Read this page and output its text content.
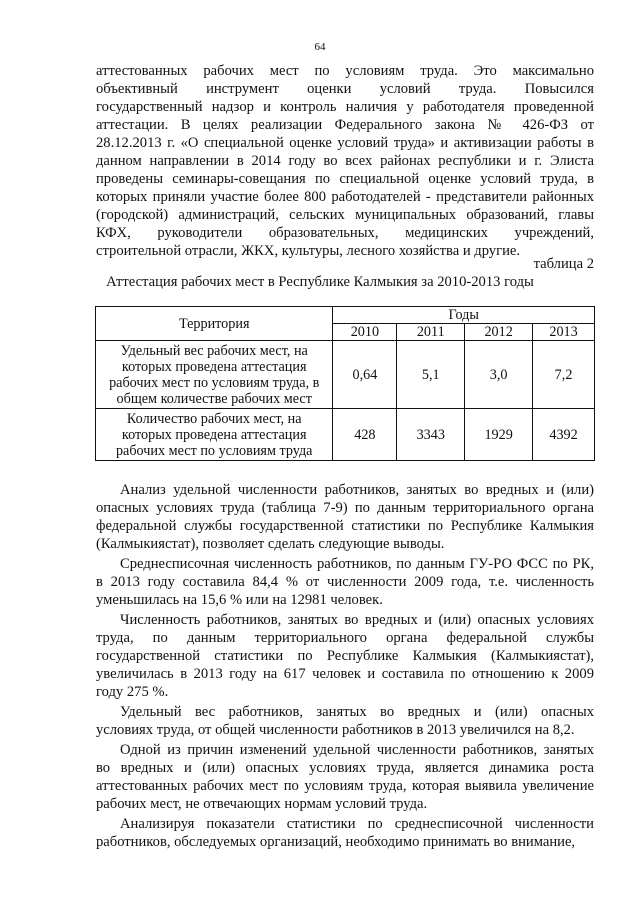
64

аттестованных рабочих мест по условиям труда. Это максимально
объективный инструмент оценки условий труда. Повысился
государственный надзор и контроль наличия у работодателя проведенной
аттестации. В целях реализации Федерального закона № 426-ФЗ от
28.12.2013 г. «О специальной оценке условий труда» и активизации работы в
данном направлении в 2014 году во всех районах республики и г. Элиста
проведены семинары-совещания по специальной оценке условий труда, в
которых приняли участие более 800 работодателей - представители районных
(городской) администраций, сельских муниципальных образований, главы
КФХ, руководители образовательных, медицинских учреждений,
строительной отрасли, ЖКХ, культуры, лесного хозяйства и другие.

таблица 2
Аттестация рабочих мест в Республике Калмыкия за 2010-2013 годы
Территория	Годы			
	2010	2011	2012	2013

Удельный вес рабочих мест, на
которых проведена аттестация
рабочих мест по условиям труда, в
общем количестве рабочих мест	0,64	5,1	3,0	7,2

Количество рабочих мест, на
которых проведена аттестация
рабочих мест по условиям труда	428	3343	1929	4392

Анализ удельной численности работников, занятых во вредных и (или)
опасных условиях труда (таблица 7-9) по данным территориального органа
федеральной службы государственной статистики по Республике Калмыкия
(Калмыкиястат), позволяет сделать следующие выводы.

Среднесписочная численность работников, по данным ГУ-РО ФСС по РК,
в 2013 году составила 84,4 % от численности 2009 года, т.е. численность
уменьшилась на 15,6 % или на 12981 человек.

Численность работников, занятых во вредных и (или) опасных условиях
труда, по данным территориального органа федеральной службы
государственной статистики по Республике Калмыкия (Калмыкиястат),
увеличилась в 2013 году на 617 человек и составила по отношению к 2009
году 275 %.

Удельный вес работников, занятых во вредных и (или) опасных
условиях труда, от общей численности работников в 2013 увеличился на 8,2.

Одной из причин изменений удельной численности работников, занятых
во вредных и (или) опасных условиях труда, является динамика роста
аттестованных рабочих мест по условиям труда, которая выявила увеличение
рабочих мест, не отвечающих нормам условий труда.

Анализируя показатели статистики по среднесписочной численности
работников, обследуемых организаций, необходимо принимать во внимание,
